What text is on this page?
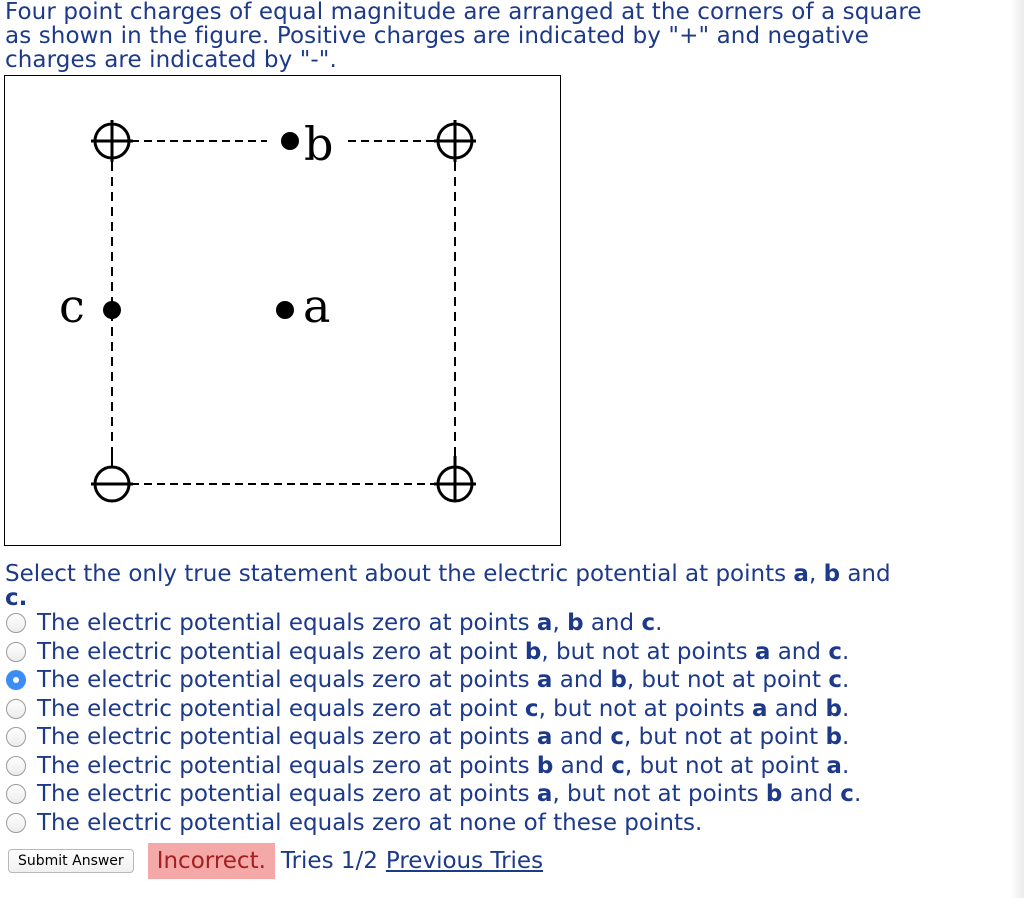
Four point charges of equal magnitude are arranged at the corners of a square
as shown in the figure. Positive charges are indicated by "+" and negative
charges are indicated by "-".
b
a
c
Select the only true statement about the electric potential at points a, b and
c.
The electric potential equals zero at points a, b and c.
The electric potential equals zero at point b, but not at points a and c.
The electric potential equals zero at points a and b, but not at point c.
The electric potential equals zero at point c, but not at points a and b.
The electric potential equals zero at points a and c, but not at point b.
The electric potential equals zero at points b and c, but not at point a.
The electric potential equals zero at points a, but not at points b and c.
The electric potential equals zero at none of these points.
Submit Answer	Incorrect. Tries 1/2 Previous Tries
